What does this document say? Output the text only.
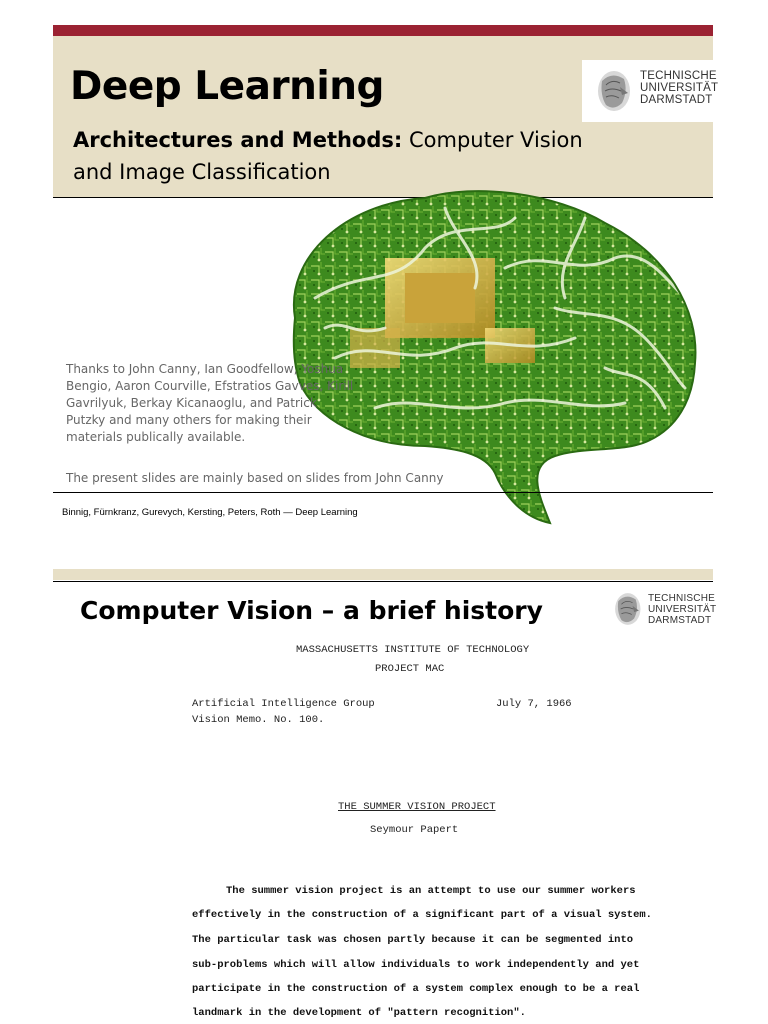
Deep Learning
Architectures and Methods: Computer Vision and Image Classification
TECHNISCHE
UNIVERSITÄT
DARMSTADT
Thanks to John Canny, Ian Goodfellow, Yoshua Bengio, Aaron Courville, Efstratios Gavves, Kirill Gavrilyuk, Berkay Kicanaoglu, and Patrick Putzky and many others for making their materials publically available.
The present slides are mainly based on slides from John Canny
Binnig, Fürnkranz, Gurevych, Kersting, Peters, Roth — Deep Learning
Computer Vision – a brief history	TECHNISCHE
UNIVERSITÄT
DARMSTADT
MASSACHUSETTS INSTITUTE OF TECHNOLOGY
PROJECT MAC
Artificial Intelligence Group	July 7, 1966
Vision Memo. No. 100.
THE SUMMER VISION PROJECT
Seymour Papert
The summer vision project is an attempt to use our summer workers
effectively in the construction of a significant part of a visual system.
The particular task was chosen partly because it can be segmented into
sub-problems which will allow individuals to work independently and yet
participate in the construction of a system complex enough to be a real
landmark in the development of "pattern recognition".
